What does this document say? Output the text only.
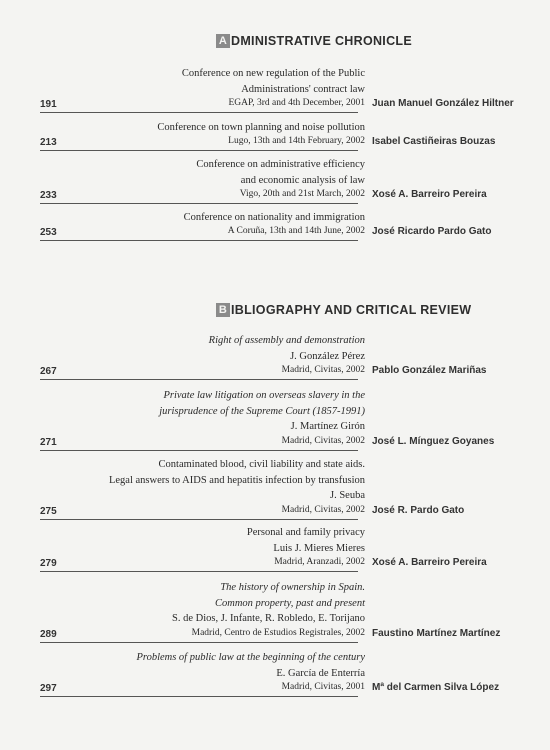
A DMINISTRATIVE CHRONICLE
Conference on new regulation of the Public
Administrations' contract law
191	EGAP, 3rd and 4th December, 2001 Juan Manuel González Hiltner
Conference on town planning and noise pollution
213	Lugo, 13th and 14th February, 2002 Isabel Castiñeiras Bouzas
Conference on administrative efficiency
and economic analysis of law
233	Vigo, 20th and 21st March, 2002 Xosé A. Barreiro Pereira
Conference on nationality and immigration
253	A Coruña, 13th and 14th June, 2002 José Ricardo Pardo Gato
B IBLIOGRAPHY AND CRITICAL REVIEW
Right of assembly and demonstration
J. González Pérez
267	Madrid, Civitas, 2002 Pablo González Mariñas
Private law litigation on overseas slavery in the
jurisprudence of the Supreme Court (1857-1991)
J. Martínez Girón
271	Madrid, Civitas, 2002 José L. Mínguez Goyanes
Contaminated blood, civil liability and state aids.
Legal answers to AIDS and hepatitis infection by transfusion
J. Seuba
275	Madrid, Civitas, 2002 José R. Pardo Gato
Personal and family privacy
Luis J. Mieres Mieres
279	Madrid, Aranzadi, 2002 Xosé A. Barreiro Pereira
The history of ownership in Spain.
Common property, past and present
S. de Dios, J. Infante, R. Robledo, E. Torijano
289	Madrid, Centro de Estudios Registrales, 2002 Faustino Martínez Martínez
Problems of public law at the beginning of the century
E. García de Enterría
297	Madrid, Civitas, 2001 Mª del Carmen Silva López
